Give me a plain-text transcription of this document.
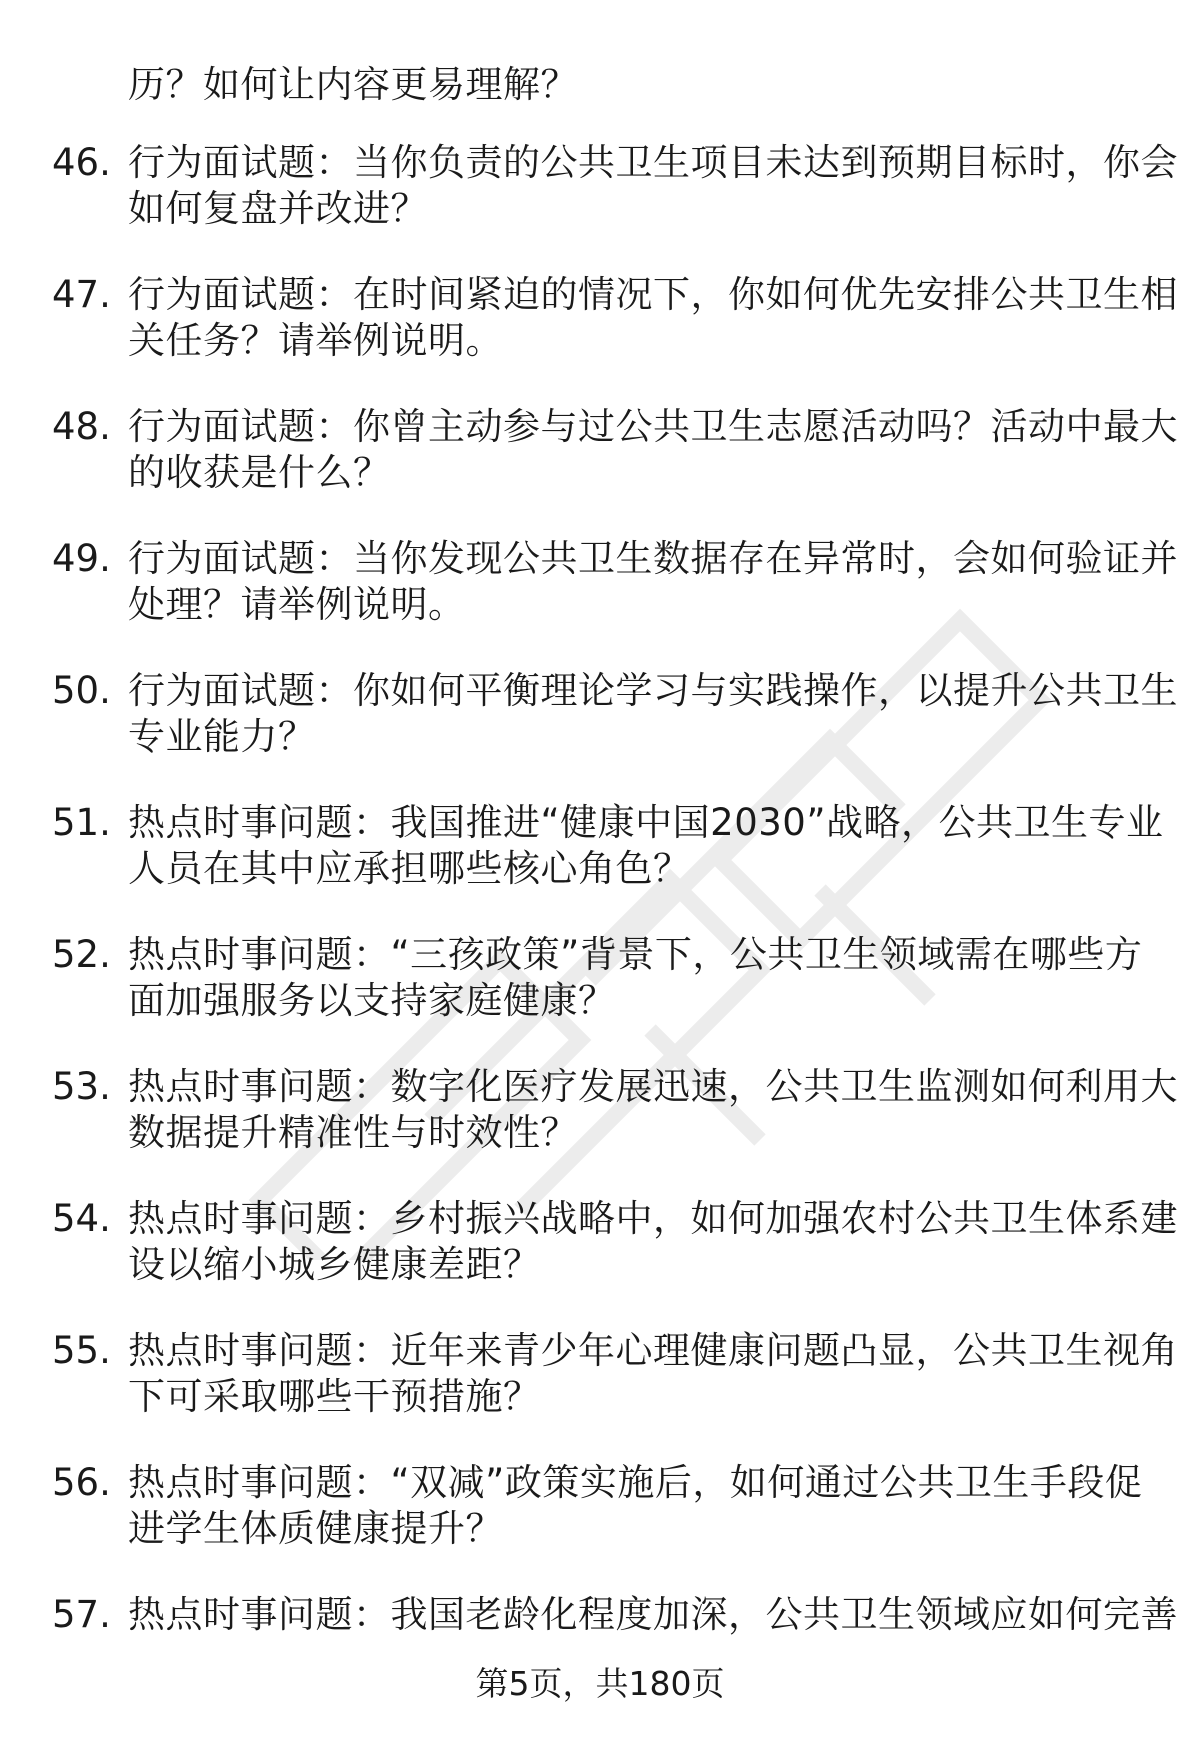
历？如何让内容更易理解？
46. 行为面试题：当你负责的公共卫生项目未达到预期目标时，你会
如何复盘并改进？
47. 行为面试题：在时间紧迫的情况下，你如何优先安排公共卫生相
关任务？请举例说明。
48. 行为面试题：你曾主动参与过公共卫生志愿活动吗？活动中最大
的收获是什么？
49. 行为面试题：当你发现公共卫生数据存在异常时，会如何验证并
处理？请举例说明。
50. 行为面试题：你如何平衡理论学习与实践操作，以提升公共卫生
专业能力？
51. 热点时事问题：我国推进“健康中国2030”战略，公共卫生专业
人员在其中应承担哪些核心角色？
52. 热点时事问题：“三孩政策”背景下，公共卫生领域需在哪些方
面加强服务以支持家庭健康？
53. 热点时事问题：数字化医疗发展迅速，公共卫生监测如何利用大
数据提升精准性与时效性？
54. 热点时事问题：乡村振兴战略中，如何加强农村公共卫生体系建
设以缩小城乡健康差距？
55. 热点时事问题：近年来青少年心理健康问题凸显，公共卫生视角
下可采取哪些干预措施？
56. 热点时事问题：“双减”政策实施后，如何通过公共卫生手段促
进学生体质健康提升？
57. 热点时事问题：我国老龄化程度加深，公共卫生领域应如何完善
第5页，共180页
